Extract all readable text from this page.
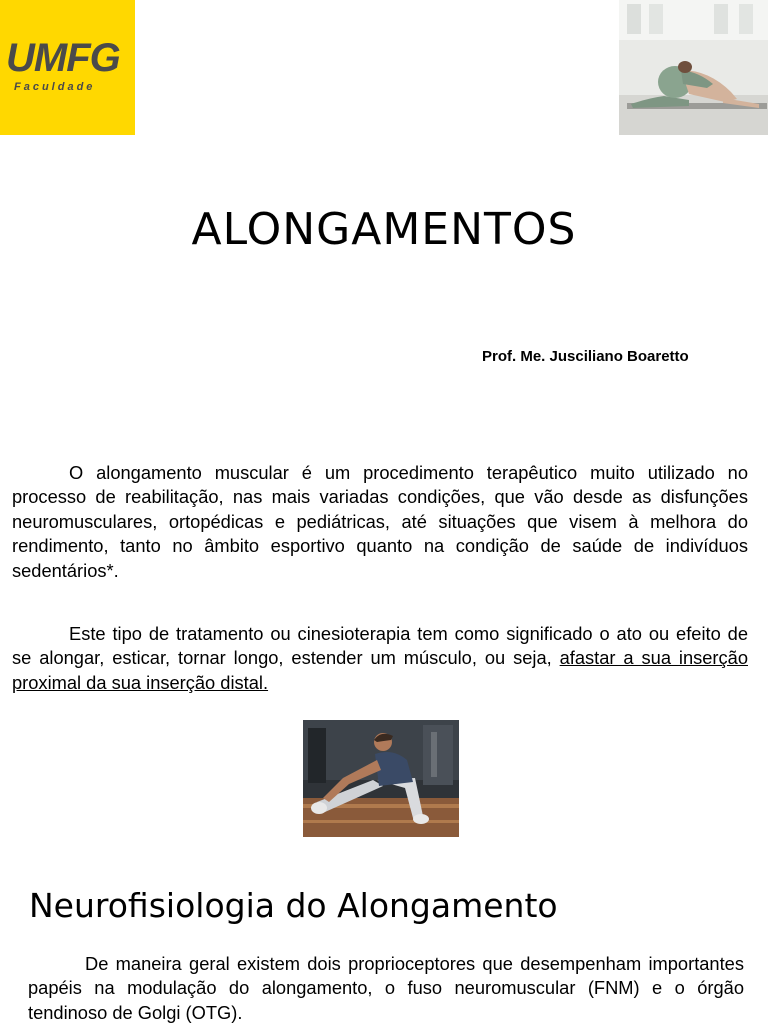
UMFG
Faculdade
ALONGAMENTOS
Prof. Me. Jusciliano Boaretto
O alongamento muscular é um procedimento terapêutico muito utilizado no processo de reabilitação, nas mais variadas condições, que vão desde as disfunções neuromusculares, ortopédicas e pediátricas, até situações que visem à melhora do rendimento, tanto no âmbito esportivo quanto na condição de saúde de indivíduos sedentários*.
Este tipo de tratamento ou cinesioterapia tem como significado o ato ou efeito de se alongar, esticar, tornar longo, estender um músculo, ou seja, afastar a sua inserção proximal da sua inserção distal.
Neurofisiologia do Alongamento
De maneira geral existem dois proprioceptores que desempenham importantes papéis na modulação do alongamento, o fuso neuromuscular (FNM) e o órgão tendinoso de Golgi (OTG).
